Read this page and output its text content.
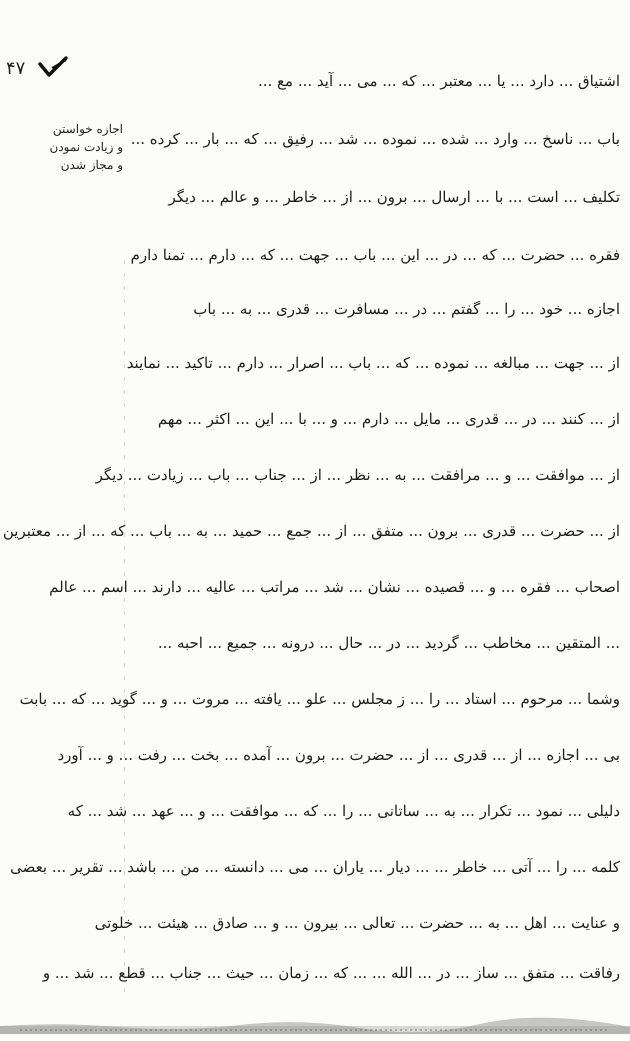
۴۷
اجازه خواستن
و زیادت نمودن
و مجاز شدن
اشتیاق ... دارد ... یا ... معتبر ... که ... می ... آید ... مع ...
باب ... ناسخ ... وارد ... شده ... نموده ... شد ... رفیق ... که ... بار ... کرده ...
تکلیف ... است ... با ... ارسال ... برون ... از ... خاطر ... و عالم ... دیگر
فقره ... حضرت ... که ... در ... این ... باب ... جهت ... که ... دارم ... تمنا دارم
اجازه ... خود ... را ... گفتم ... در ... مسافرت ... قدری ... به ... باب
از ... جهت ... مبالغه ... نموده ... که ... باب ... اصرار ... دارم ... تاکید ... نمایند
از ... کنند ... در ... قدری ... مایل ... دارم ... و ... با ... این ... اکثر ... مهم
از ... موافقت ... و ... مرافقت ... به ... نظر ... از ... جناب ... باب ... زیادت ... دیگر
از ... حضرت ... قدری ... برون ... متفق ... از ... جمع ... حمید ... به ... باب ... که ... از ... معتبرین
اصحاب ... فقره ... و ... قصیده ... نشان ... شد ... مراتب ... عالیه ... دارند ... اسم ... عالم
... المتقین ... مخاطب ... گردید ... در ... حال ... درونه ... جمیع ... احبه ...
وشما ... مرحوم ... استاد ... را ... ز مجلس ... علو ... یافته ... مروت ... و ... گوید ... که ... بابت
بی ... اجازه ... از ... قدری ... از ... حضرت ... برون ... آمده ... بخت ... رفت ... و ... آورد
دلیلی ... نمود ... تکرار ... به ... ساتانی ... را ... که ... موافقت ... و ... عهد ... شد ... که
کلمه ... را ... آتی ... خاطر ... ... دیار ... یاران ... می ... دانسته ... من ... باشد ... تقریر ... بعضی
و عنایت ... اهل ... به ... حضرت ... تعالی ... بیرون ... و ... صادق ... هیئت ... خلوتی
رفاقت ... متفق ... ساز ... در ... الله ... ... که ... زمان ... حیث ... جناب ... قطع ... شد ... و
